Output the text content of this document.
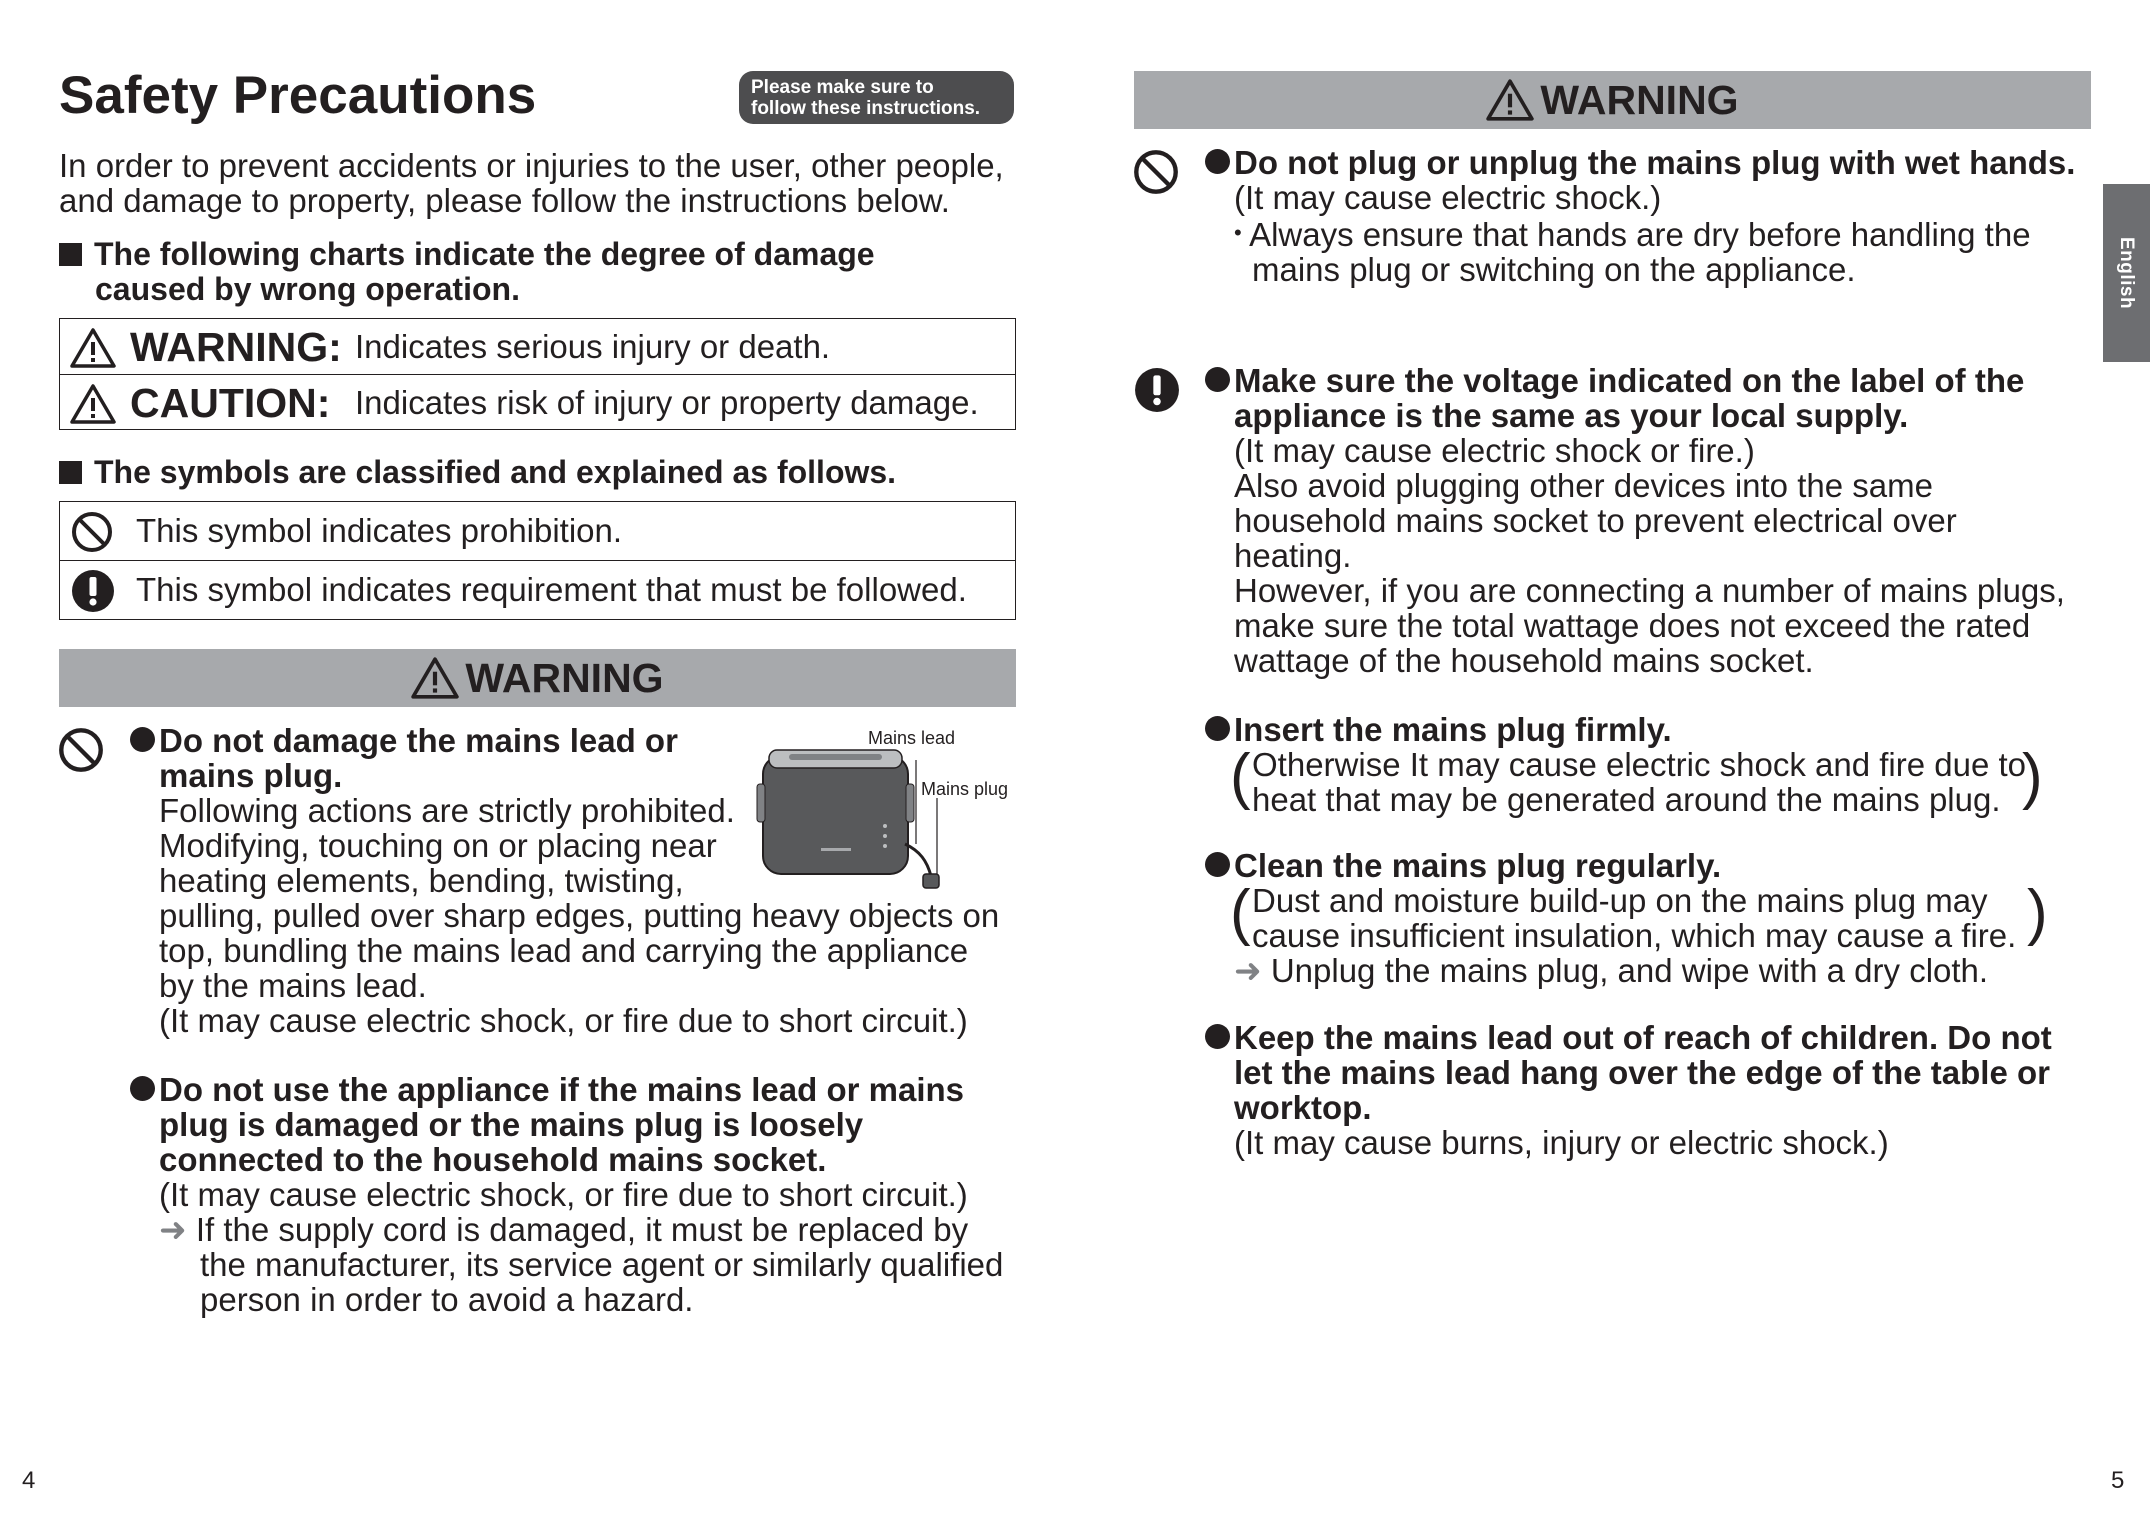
Safety Precautions	Please make sure to
follow these instructions.
In order to prevent accidents or injuries to the user, other people,
and damage to property, please follow the instructions below.
The following charts indicate the degree of damage
caused by wrong operation.
WARNING: Indicates serious injury or death.
CAUTION: Indicates risk of injury or property damage.
The symbols are classified and explained as follows.
This symbol indicates prohibition.
This symbol indicates requirement that must be followed.
WARNING
Do not damage the mains lead or
mains plug.
Following actions are strictly prohibited.
Modifying, touching on or placing near
heating elements, bending, twisting,
pulling, pulled over sharp edges, putting heavy objects on
top, bundling the mains lead and carrying the appliance
by the mains lead.
(It may cause electric shock, or fire due to short circuit.)
Mains lead
Mains plug
Do not use the appliance if the mains lead or mains
plug is damaged or the mains plug is loosely
connected to the household mains socket.
(It may cause electric shock, or fire due to short circuit.)
➜ If the supply cord is damaged, it must be replaced by
the manufacturer, its service agent or similarly qualified
person in order to avoid a hazard.
4
WARNING
English
Do not plug or unplug the mains plug with wet hands.
(It may cause electric shock.)
• Always ensure that hands are dry before handling the
mains plug or switching on the appliance.
Make sure the voltage indicated on the label of the
appliance is the same as your local supply.
(It may cause electric shock or fire.)
Also avoid plugging other devices into the same
household mains socket to prevent electrical over
heating.
However, if you are connecting a number of mains plugs,
make sure the total wattage does not exceed the rated
wattage of the household mains socket.
Insert the mains plug firmly.
( Otherwise It may cause electric shock and fire due to
heat that may be generated around the mains plug. )
Clean the mains plug regularly.
( Dust and moisture build-up on the mains plug may
cause insufficient insulation, which may cause a fire. )
➜ Unplug the mains plug, and wipe with a dry cloth.
Keep the mains lead out of reach of children. Do not
let the mains lead hang over the edge of the table or
worktop.
(It may cause burns, injury or electric shock.)
5
